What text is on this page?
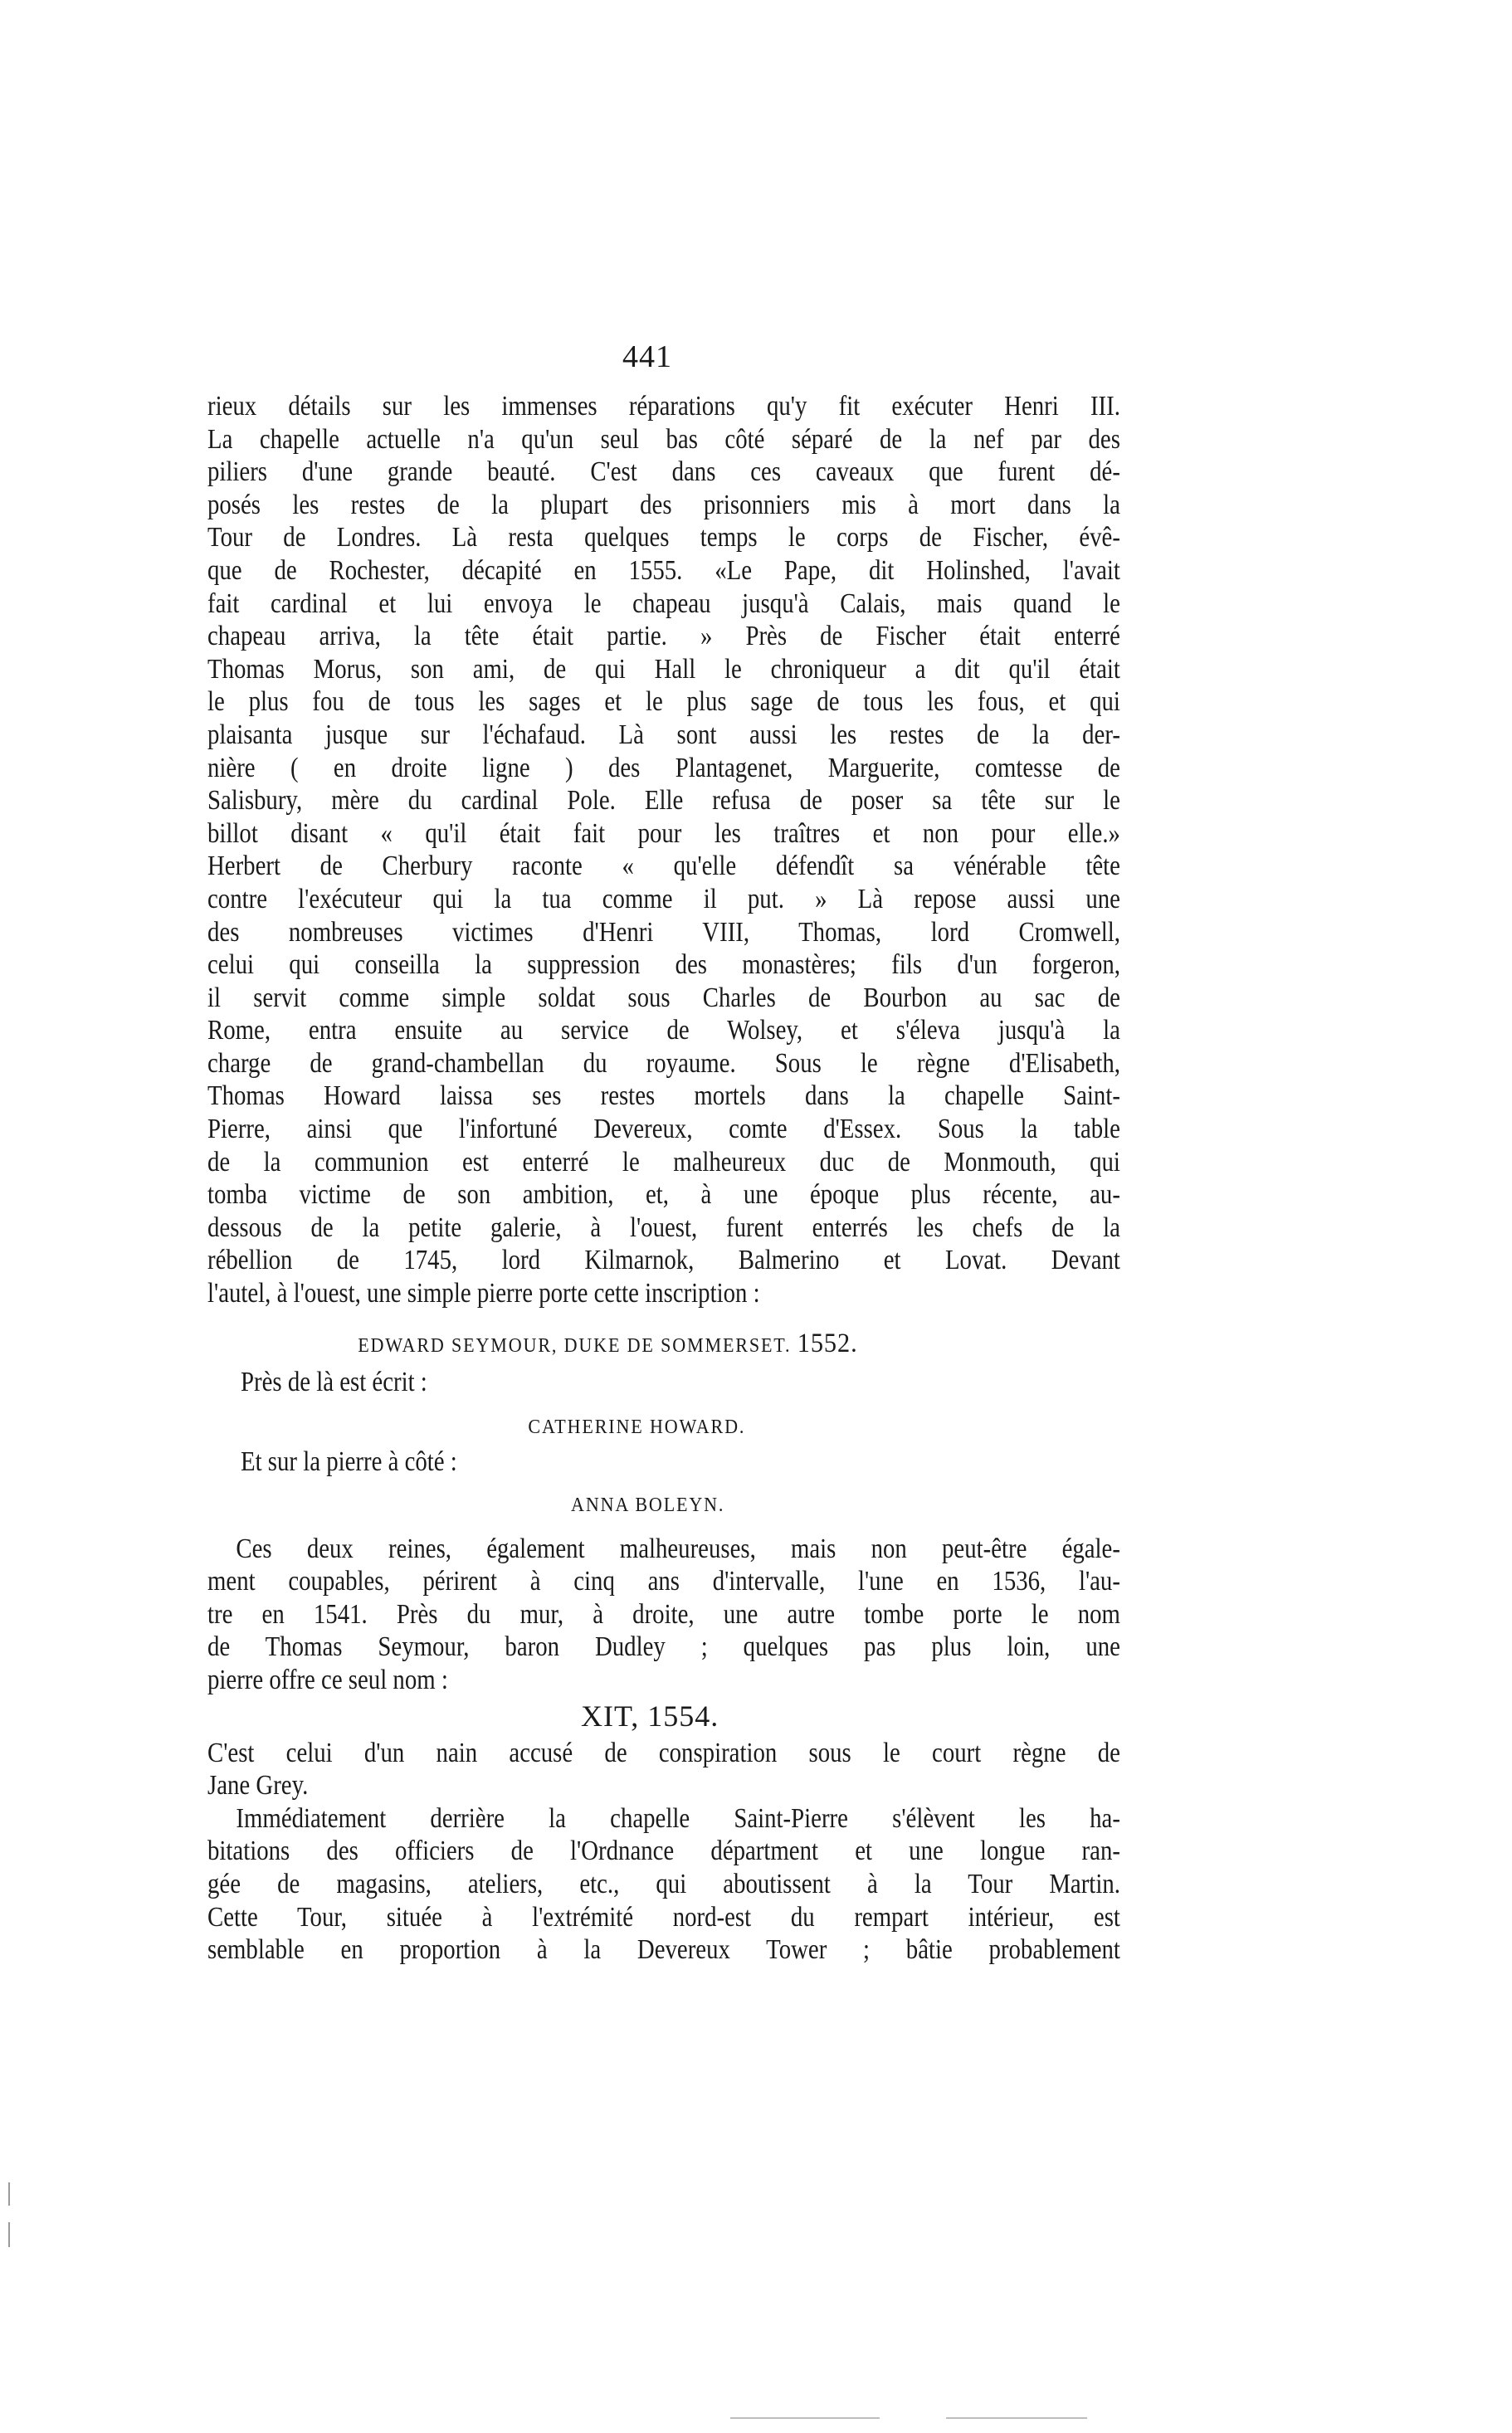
441
rieux détails sur les immenses réparations qu'y fit exécuter Henri III.
La chapelle actuelle n'a qu'un seul bas côté séparé de la nef par des
piliers d'une grande beauté. C'est dans ces caveaux que furent dé-
posés les restes de la plupart des prisonniers mis à mort dans la
Tour de Londres. Là resta quelques temps le corps de Fischer, évê-
que de Rochester, décapité en 1555. «Le Pape, dit Holinshed, l'avait
fait cardinal et lui envoya le chapeau jusqu'à Calais, mais quand le
chapeau arriva, la tête était partie. » Près de Fischer était enterré
Thomas Morus, son ami, de qui Hall le chroniqueur a dit qu'il était
le plus fou de tous les sages et le plus sage de tous les fous, et qui
plaisanta jusque sur l'échafaud. Là sont aussi les restes de la der-
nière ( en droite ligne ) des Plantagenet, Marguerite, comtesse de
Salisbury, mère du cardinal Pole. Elle refusa de poser sa tête sur le
billot disant « qu'il était fait pour les traîtres et non pour elle.»
Herbert de Cherbury raconte « qu'elle défendît sa vénérable tête
contre l'exécuteur qui la tua comme il put. » Là repose aussi une
des nombreuses victimes d'Henri VIII, Thomas, lord Cromwell,
celui qui conseilla la suppression des monastères; fils d'un forgeron,
il servit comme simple soldat sous Charles de Bourbon au sac de
Rome, entra ensuite au service de Wolsey, et s'éleva jusqu'à la
charge de grand-chambellan du royaume. Sous le règne d'Elisabeth,
Thomas Howard laissa ses restes mortels dans la chapelle Saint-
Pierre, ainsi que l'infortuné Devereux, comte d'Essex. Sous la table
de la communion est enterré le malheureux duc de Monmouth, qui
tomba victime de son ambition, et, à une époque plus récente, au-
dessous de la petite galerie, à l'ouest, furent enterrés les chefs de la
rébellion de 1745, lord Kilmarnok, Balmerino et Lovat. Devant
l'autel, à l'ouest, une simple pierre porte cette inscription :
EDWARD SEYMOUR, DUKE DE SOMMERSET. 1552.
Près de là est écrit :
CATHERINE HOWARD.
Et sur la pierre à côté :
ANNA BOLEYN.
Ces deux reines, également malheureuses, mais non peut-être égale-
ment coupables, périrent à cinq ans d'intervalle, l'une en 1536, l'au-
tre en 1541. Près du mur, à droite, une autre tombe porte le nom
de Thomas Seymour, baron Dudley ; quelques pas plus loin, une
pierre offre ce seul nom :
XIT, 1554.
C'est celui d'un nain accusé de conspiration sous le court règne de
Jane Grey.
Immédiatement derrière la chapelle Saint-Pierre s'élèvent les ha-
bitations des officiers de l'Ordnance départment et une longue ran-
gée de magasins, ateliers, etc., qui aboutissent à la Tour Martin.
Cette Tour, située à l'extrémité nord-est du rempart intérieur, est
semblable en proportion à la Devereux Tower ; bâtie probablement
